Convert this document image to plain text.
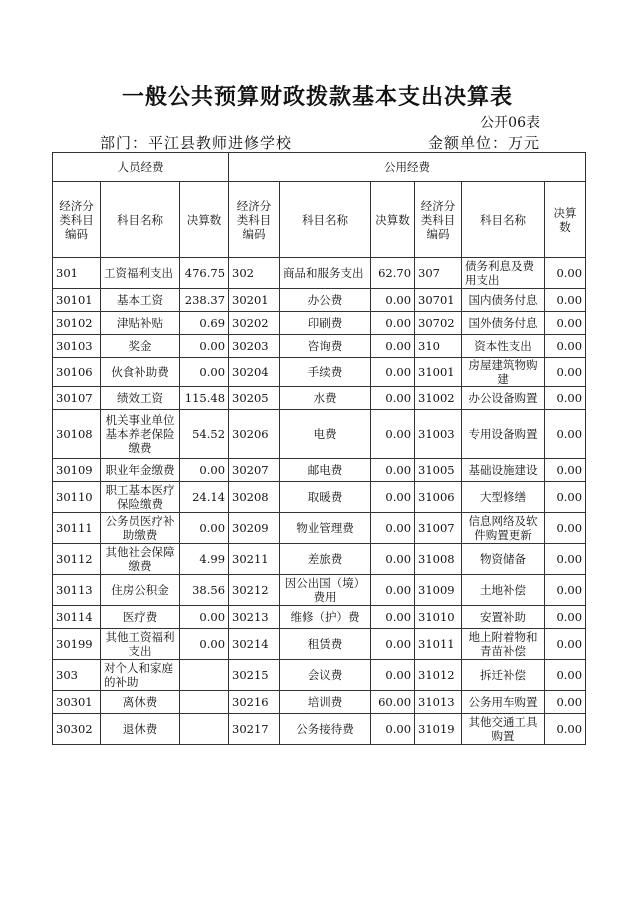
一般公共预算财政拨款基本支出决算表
公开06表
部门：平江县教师进修学校	金额单位：万元
人员经费			公用经费					
经济分类科目编码	科目名称	决算数	经济分类科目编码	科目名称	决算数	经济分类科目编码	科目名称	决算数
301	工资福利支出	476.75	302	商品和服务支出	62.70	307	债务利息及费用支出	0.00
30101	基本工资	238.37	30201	办公费	0.00	30701	国内债务付息	0.00
30102	津贴补贴	0.69	30202	印刷费	0.00	30702	国外债务付息	0.00
30103	奖金	0.00	30203	咨询费	0.00	310	资本性支出	0.00
30106	伙食补助费	0.00	30204	手续费	0.00	31001	房屋建筑物购建	0.00
30107	绩效工资	115.48	30205	水费	0.00	31002	办公设备购置	0.00
30108	机关事业单位基本养老保险缴费	54.52	30206	电费	0.00	31003	专用设备购置	0.00
30109	职业年金缴费	0.00	30207	邮电费	0.00	31005	基础设施建设	0.00
30110	职工基本医疗保险缴费	24.14	30208	取暖费	0.00	31006	大型修缮	0.00
30111	公务员医疗补助缴费	0.00	30209	物业管理费	0.00	31007	信息网络及软件购置更新	0.00
30112	其他社会保障缴费	4.99	30211	差旅费	0.00	31008	物资储备	0.00
30113	住房公积金	38.56	30212	因公出国（境）费用	0.00	31009	土地补偿	0.00
30114	医疗费	0.00	30213	维修（护）费	0.00	31010	安置补助	0.00
30199	其他工资福利支出	0.00	30214	租赁费	0.00	31011	地上附着物和青苗补偿	0.00
303	对个人和家庭的补助		30215	会议费	0.00	31012	拆迁补偿	0.00
30301	离休费		30216	培训费	60.00	31013	公务用车购置	0.00
30302	退休费		30217	公务接待费	0.00	31019	其他交通工具购置	0.00
